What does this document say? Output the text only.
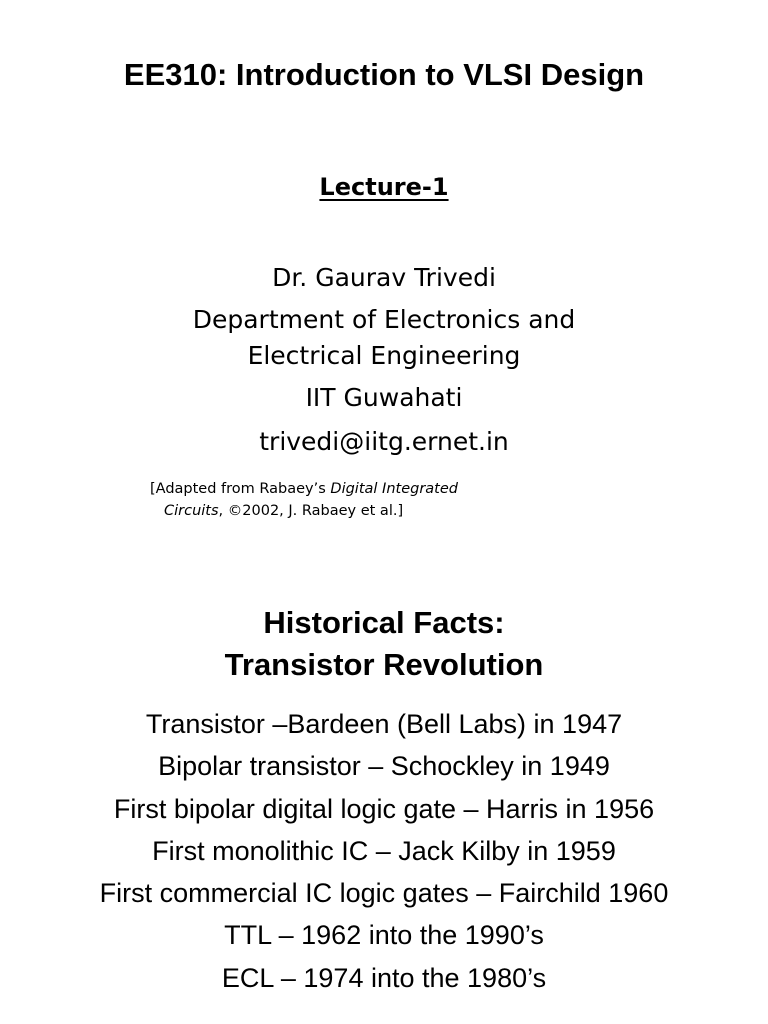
EE310: Introduction to VLSI Design
Lecture-1
Dr. Gaurav Trivedi
Department of Electronics and
Electrical Engineering
IIT Guwahati
trivedi@iitg.ernet.in
[Adapted from Rabaey’s Digital Integrated
Circuits, ©2002, J. Rabaey et al.]
Historical Facts:
Transistor Revolution
Transistor –Bardeen (Bell Labs) in 1947
Bipolar transistor – Schockley in 1949
First bipolar digital logic gate – Harris in 1956
First monolithic IC – Jack Kilby in 1959
First commercial IC logic gates – Fairchild 1960
TTL – 1962 into the 1990’s
ECL – 1974 into the 1980’s
